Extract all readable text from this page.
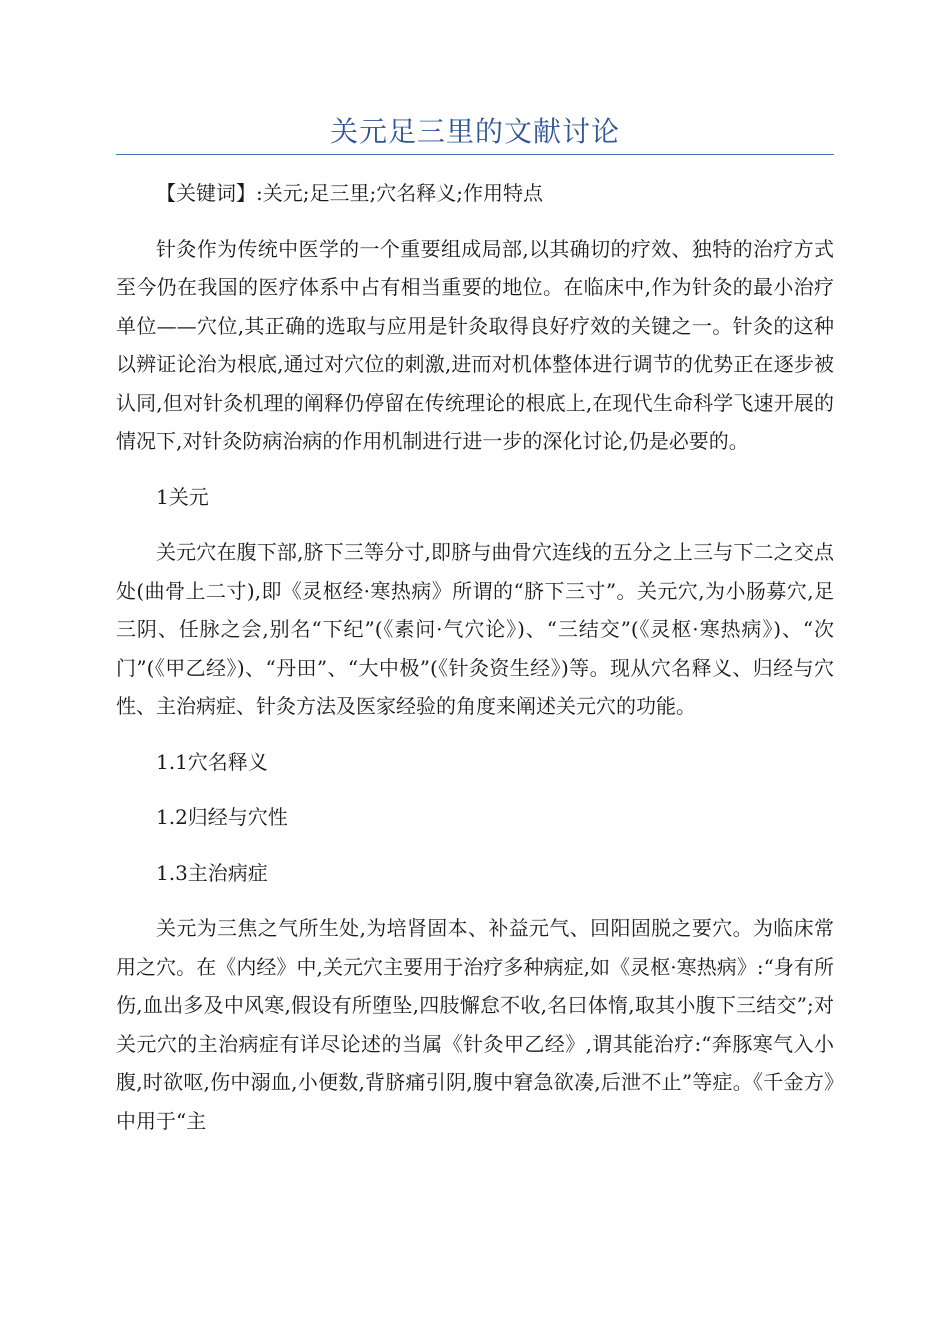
关元足三里的文献讨论

【关键词】:关元;足三里;穴名释义;作用特点

针灸作为传统中医学的一个重要组成局部,以其确切的疗效、独特的治疗方式至今仍在我国的医疗体系中占有相当重要的地位。在临床中,作为针灸的最小治疗单位——穴位,其正确的选取与应用是针灸取得良好疗效的关键之一。针灸的这种以辨证论治为根底,通过对穴位的刺激,进而对机体整体进行调节的优势正在逐步被认同,但对针灸机理的阐释仍停留在传统理论的根底上,在现代生命科学飞速开展的情况下,对针灸防病治病的作用机制进行进一步的深化讨论,仍是必要的。

1关元

关元穴在腹下部,脐下三等分寸,即脐与曲骨穴连线的五分之上三与下二之交点处(曲骨上二寸),即《灵枢经·寒热病》所谓的“脐下三寸”。关元穴,为小肠募穴,足三阴、任脉之会,别名“下纪”(《素问·气穴论》)、“三结交”(《灵枢·寒热病》)、“次门”(《甲乙经》)、“丹田”、“大中极”(《针灸资生经》)等。现从穴名释义、归经与穴性、主治病症、针灸方法及医家经验的角度来阐述关元穴的功能。

1.1穴名释义

1.2归经与穴性

1.3主治病症

关元为三焦之气所生处,为培肾固本、补益元气、回阳固脱之要穴。为临床常用之穴。在《内经》中,关元穴主要用于治疗多种病症,如《灵枢·寒热病》:“身有所伤,血出多及中风寒,假设有所堕坠,四肢懈怠不收,名曰体惰,取其小腹下三结交”;对关元穴的主治病症有详尽论述的当属《针灸甲乙经》,谓其能治疗:“奔豚寒气入小腹,时欲呕,伤中溺血,小便数,背脐痛引阴,腹中窘急欲凑,后泄不止”等症。《千金方》中用于“主
